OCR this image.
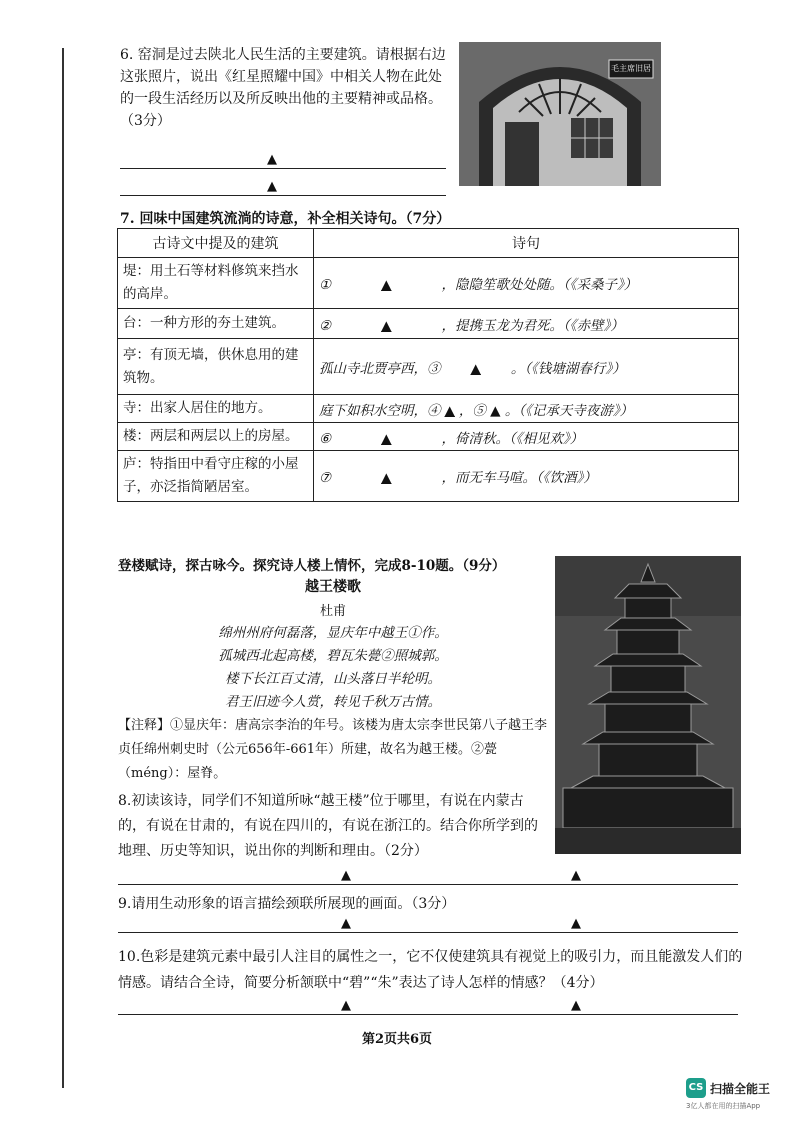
6. 窑洞是过去陕北人民生活的主要建筑。请根据右边这张照片，说出《红星照耀中国》中相关人物在此处的一段生活经历以及所反映出他的主要精神或品格。（3分）
▲
▲
毛主席旧居
7. 回味中国建筑流淌的诗意，补全相关诗句。（7分）
古诗文中提及的建筑	诗句
堤：用土石等材料修筑来挡水的高岸。	① ▲ ，隐隐笙歌处处随。（《采桑子》）
台：一种方形的夯土建筑。	② ▲ ，提携玉龙为君死。（《赤壁》）
亭：有顶无墙，供休息用的建筑物。	孤山寺北贾亭西，③ ▲ 。（《钱塘湖春行》）
寺：出家人居住的地方。	庭下如积水空明，④ ▲ ，⑤ ▲ 。（《记承天寺夜游》）
楼：两层和两层以上的房屋。	⑥ ▲ ，倚清秋。（《相见欢》）
庐：特指田中看守庄稼的小屋子，亦泛指简陋居室。	⑦ ▲ ，而无车马喧。（《饮酒》）
登楼赋诗，探古咏今。探究诗人楼上情怀，完成8-10题。（9分）
越王楼歌
杜甫
绵州州府何磊落，显庆年中越王①作。
孤城西北起高楼，碧瓦朱甍②照城郭。
楼下长江百丈清，山头落日半轮明。
君王旧迹今人赏，转见千秋万古情。
【注释】①显庆年：唐高宗李治的年号。该楼为唐太宗李世民第八子越王李贞任绵州刺史时（公元656年-661年）所建，故名为越王楼。②甍（méng）：屋脊。
8.初读该诗，同学们不知道所咏“越王楼”位于哪里，有说在内蒙古的，有说在甘肃的，有说在四川的，有说在浙江的。结合你所学到的地理、历史等知识，说出你的判断和理由。（2分）
▲	▲
9.请用生动形象的语言描绘颈联所展现的画面。（3分）
▲	▲
10.色彩是建筑元素中最引人注目的属性之一，它不仅使建筑具有视觉上的吸引力，而且能激发人们的情感。请结合全诗，简要分析颔联中“碧”“朱”表达了诗人怎样的情感？（4分）
▲	▲
第2页共6页
CS 扫描全能王
3亿人都在用的扫描App
